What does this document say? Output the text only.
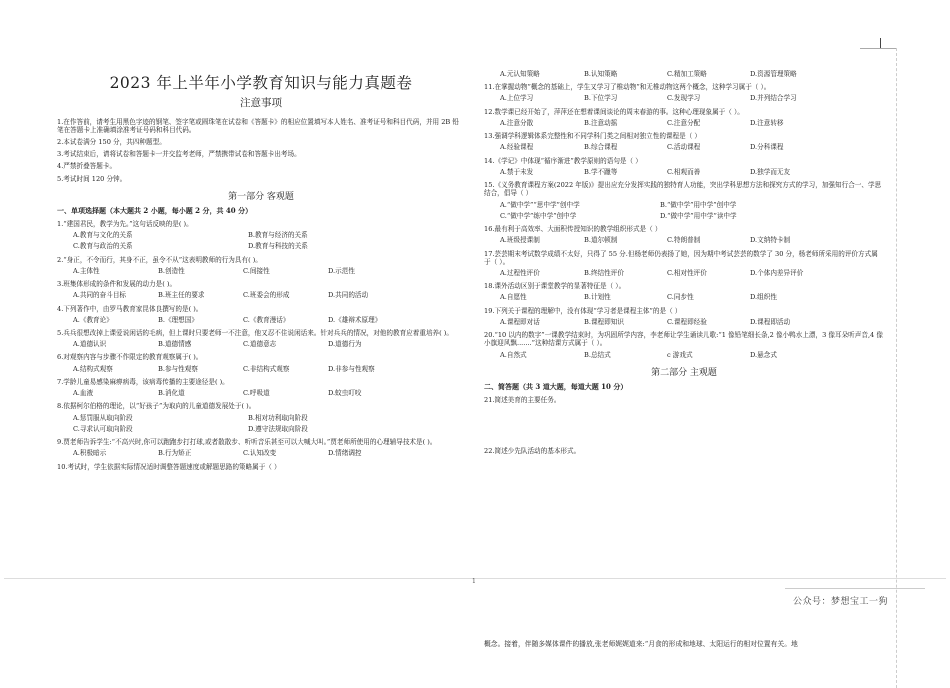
2023 年上半年小学教育知识与能力真题卷
注意事项
1.在作答前，请考生用黑色字迹的钢笔、签字笔或圆珠笔在试卷和《答题卡》的相应位置填写本人姓名、准考证号和科目代码，并用 2B 铅笔在答题卡上准确填涂准考证号码和科目代码。
2.本试卷满分 150 分，共四种题型。
3.考试结束后，请将试卷和答题卡一并交监考老师，严禁携带试卷和答题卡出考场。
4.严禁折叠答题卡。
5.考试时间 120 分钟。
第一部分 客观题
一、单项选择题（本大题共 2 小题，每小题 2 分，共 40 分）
1.“建国君民，教学为先。”这句话反映的是( )。
A.教育与文化的关系	B.教育与经济的关系
C.教育与政治的关系	D.教育与科技的关系
2.“身正，不令而行，其身不正，虽令不从”这表明教师的行为具有( )。
A.主体性	B.创造性	C.间接性	D.示范性
3.班集体形成的条件和发展的动力是( )。
A.共同的奋斗目标	B.班主任的要求	C.班委会的形成	D.共同的活动
4.下列著作中，由罗马教育家昆体良撰写的是( )。
A.《教育论》	B.《理想国》	C.《教育漫话》	D.《雄辩术原理》
5.兵兵很想改掉上课爱说闲话的毛病，但上课时只要老师一不注意，他又忍不住说闲话来。针对兵兵的情况，对他的教育应着重培养( )。
A.道德认识	B.道德情感	C.道德意志	D.道德行为
6.对观察内容与步骤不作限定的教育观察属于( )。
A.结构式观察	B.参与性观察	C.非结构式观察	D.非参与性观察
7.学龄儿童易感染麻痹病毒，该病毒传播的主要途径是( )。
A.血液	B.消化道	C.呼吸道	D.蚊虫叮咬
8.依据柯尔伯格的理论，以“好孩子”为取向的儿童道德发展处于( )。
A.惩罚服从取向阶段	B.相对功利取向阶段
C.寻求认可取向阶段	D.遵守法规取向阶段
9.贾老师告诉学生:“不高兴时,你可以跑跑步打打球,或者散散步、听听音乐甚至可以大喊大叫。”贾老师所使用的心理辅导技术是( )。
A.积极暗示	B.行为矫正	C.认知改变	D.情绪调控
10.考试时，学生依据实际情况适时调整答题速度或解题思路的策略属于（ ）
A.元认知策略	B.认知策略	C.精加工策略	D.资源管理策略
11.在掌握动物”概念的基础上，学生又学习了椎动物”和无椎动物这两个概念，这种学习属于（ ）。
A.上位学习	B.下位学习	C.发现学习	D.并列结合学习
12.数学课已经开始了，萍萍还在想着课间谈论的周末春游的事。这种心理现象属于（ ）。
A.注意分散	B.注意动摇	C.注意分配	D.注意转移
13.强调学科逻辑体系完整性和不同学科门类之间相对独立性的课程是（ ）
A.经验课程	B.综合课程	C.活动课程	D.分科课程
14.《学记》中体现“循序渐进”教学原则的语句是（ ）
A.禁于未发	B.学不躐等	C.相观而善	D.独学而无友
15.《义务教育课程方案(2022 年版)》提出应充分发挥实践的独特育人功能，突出学科思想方法和探究方式的学习，加强知行合一、学思结合，倡导（ ）
A.“做中学”“思中学”创中学	B.“做中学”用中学”创中学
C.“做中学”练中学”创中学	D.“做中学”用中学”读中学
16.最有利于高效率、大面积传授知识的教学组织形式是（ ）
A.班级授课制	B.道尔顿制	C.特朗普制	D.文纳特卡制
17.芸芸期末考试数学成绩不太好，只得了 55 分.但杨老师仍表扬了她，因为期中考试芸芸的数学了 30 分，杨老师所采用的评价方式属于（ ）。
A.过程性评价	B.终结性评价	C.相对性评价	D.个体内差异评价
18.课外活动区别于课堂教学的显著特征是（ ）。
A.自愿性	B.计划性	C.同步性	D.组织性
19.下列关于课程的理解中，没有体现“学习者是课程主体”的是（ ）
A.课程即对话	B.课程即知识	C.课程即经验	D.课程即活动
20.“10 以内的数字”一课教学结束时，为巩固所学内容，李老师让学生诵读儿歌:“1 像铅笔细长条,2 像小鸭水上漂，3 像耳朵听声音,4 像小旗迎风飘.......”这种结课方式属于（ ）。
A.自然式	B.总结式	c 游戏式	D.悬念式
第二部分 主观题
二、简答题（共 3 道大题，每道大题 10 分）
21.简述美育的主要任务。
22.简述少先队活动的基本形式。
1
公众号：梦想宝工一狗
概念。接着，伴随多媒体课件的播放,张老师娓娓道来:“月食的形成和地球、太阳运行的相对位置有关。地
